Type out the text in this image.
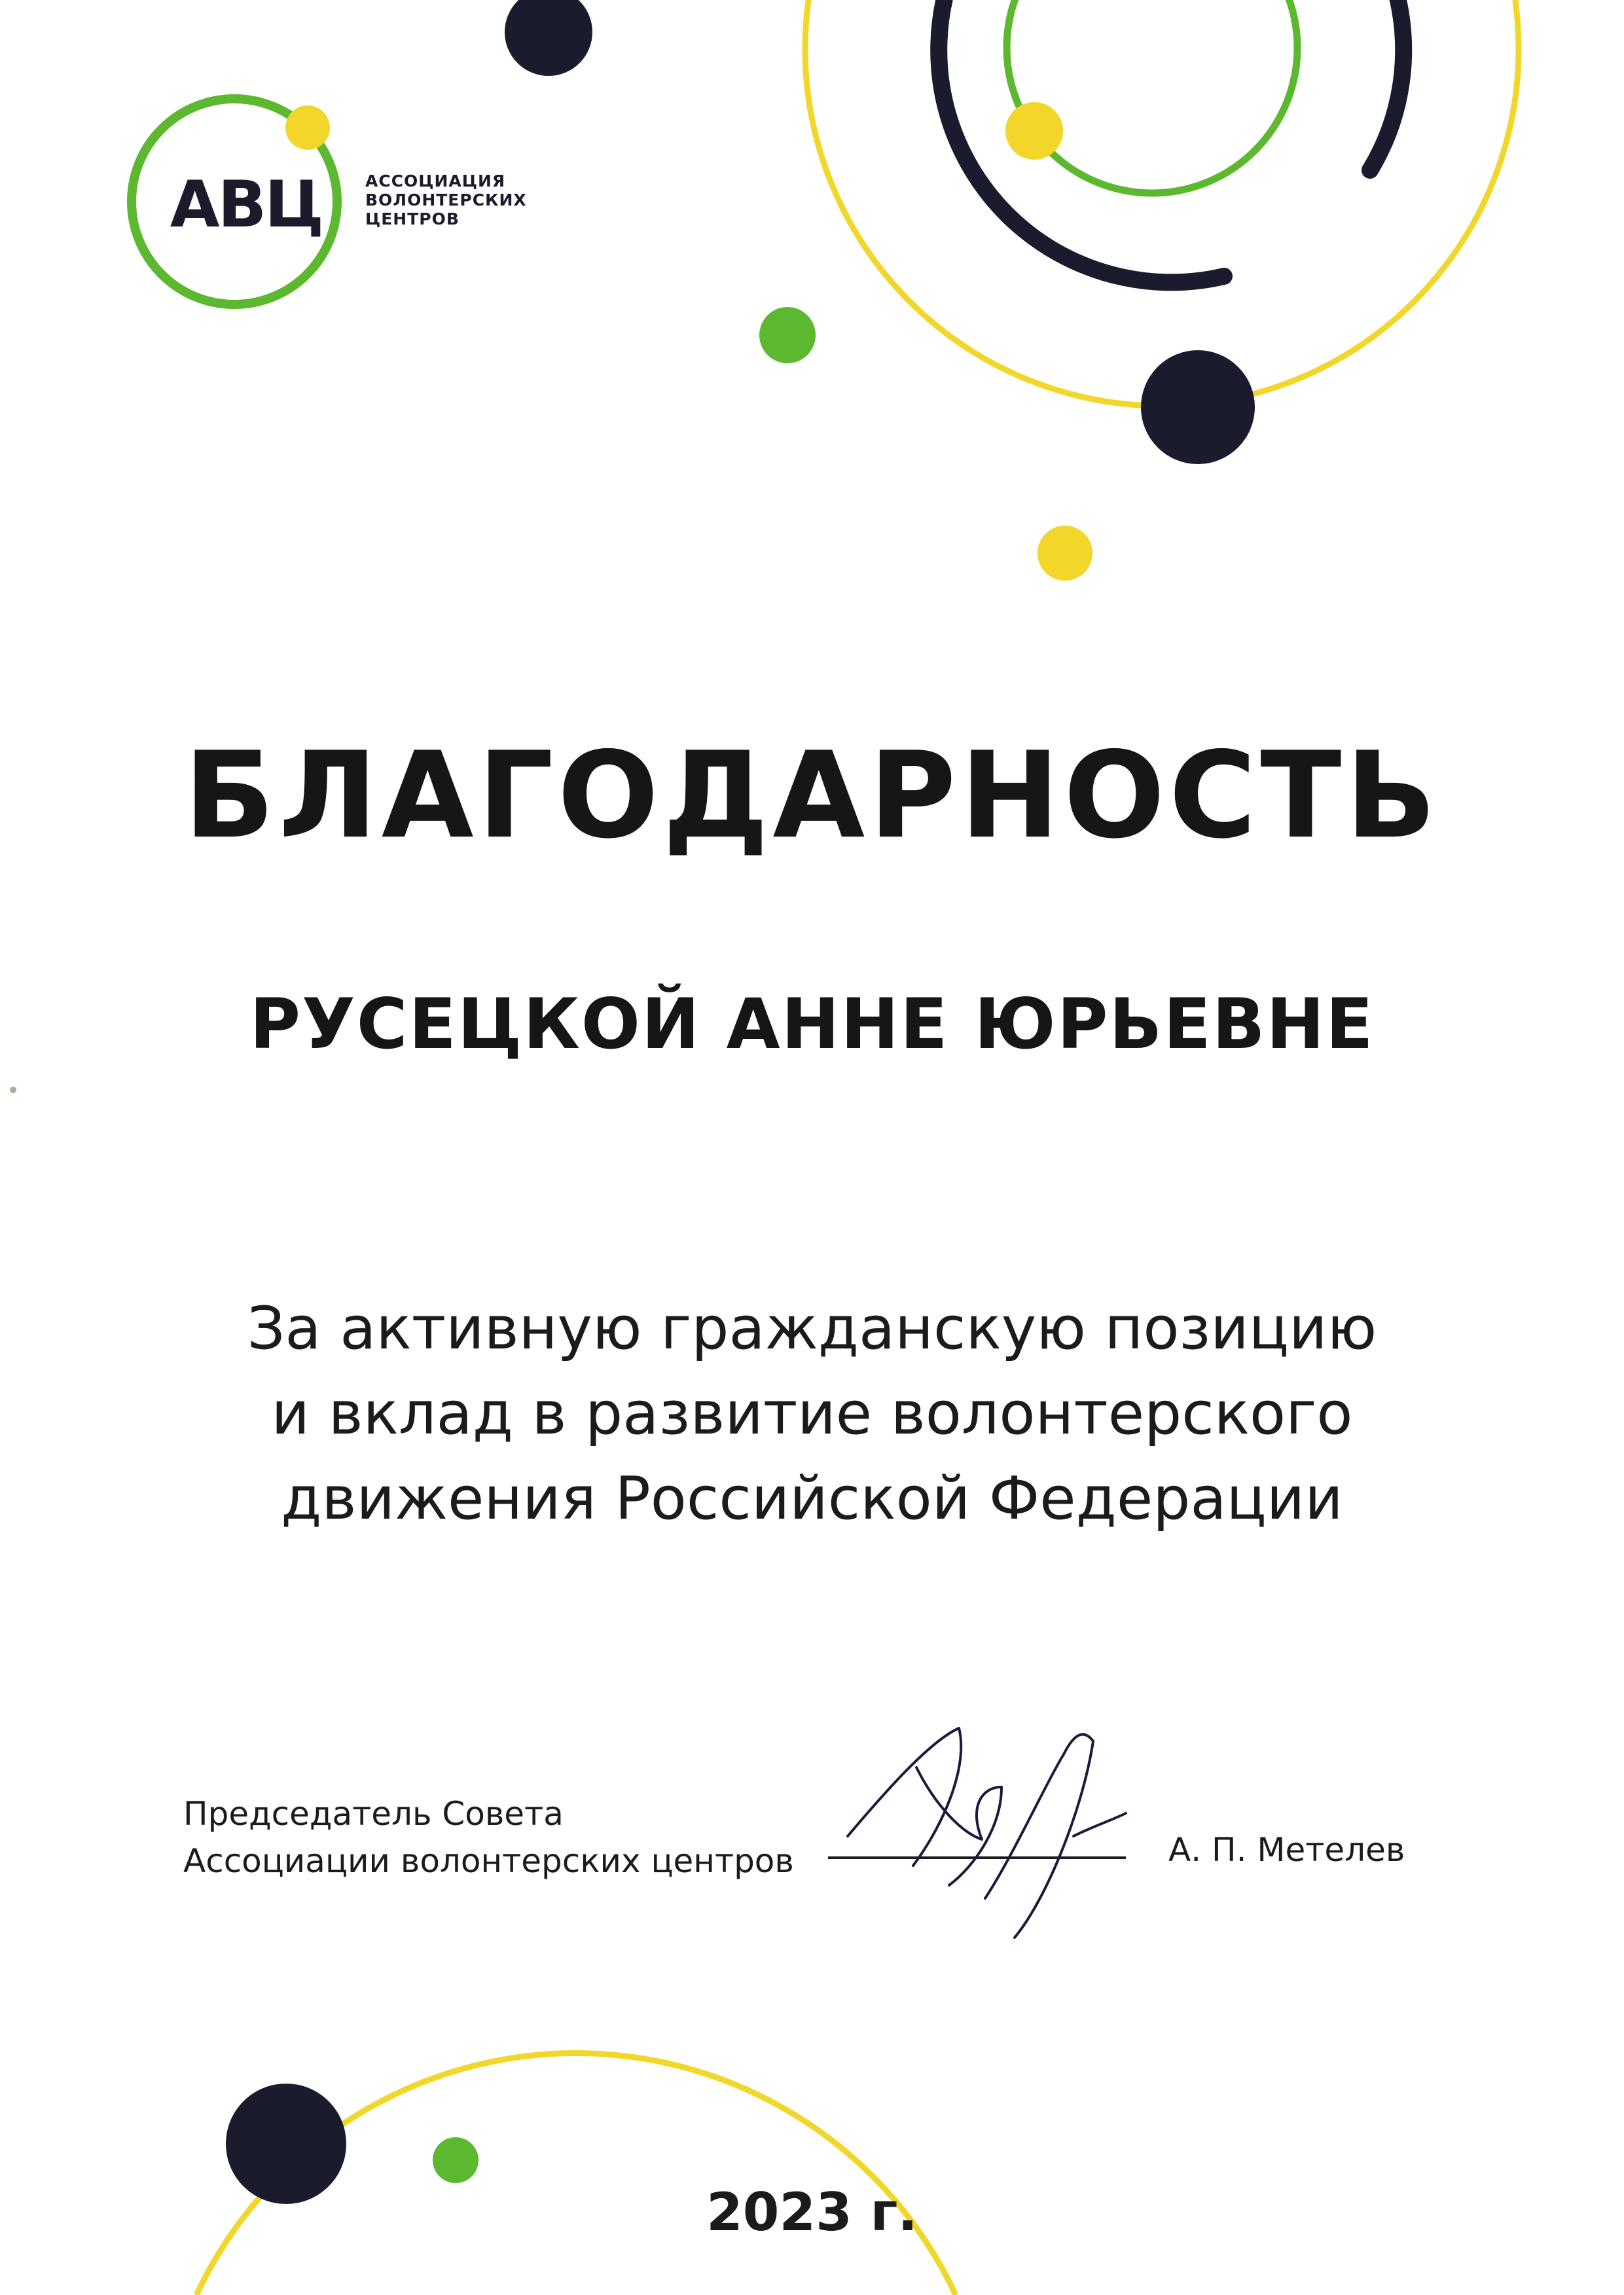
АВЦ	АССОЦИАЦИЯ
ВОЛОНТЕРСКИХ
ЦЕНТРОВ
БЛАГОДАРНОСТЬ
РУСЕЦКОЙ АННЕ ЮРЬЕВНЕ
За активную гражданскую позицию
и вклад в развитие волонтерского
движения Российской Федерации
Председатель Совета
Ассоциации волонтерских центров	А. П. Метелев
2023 г.
